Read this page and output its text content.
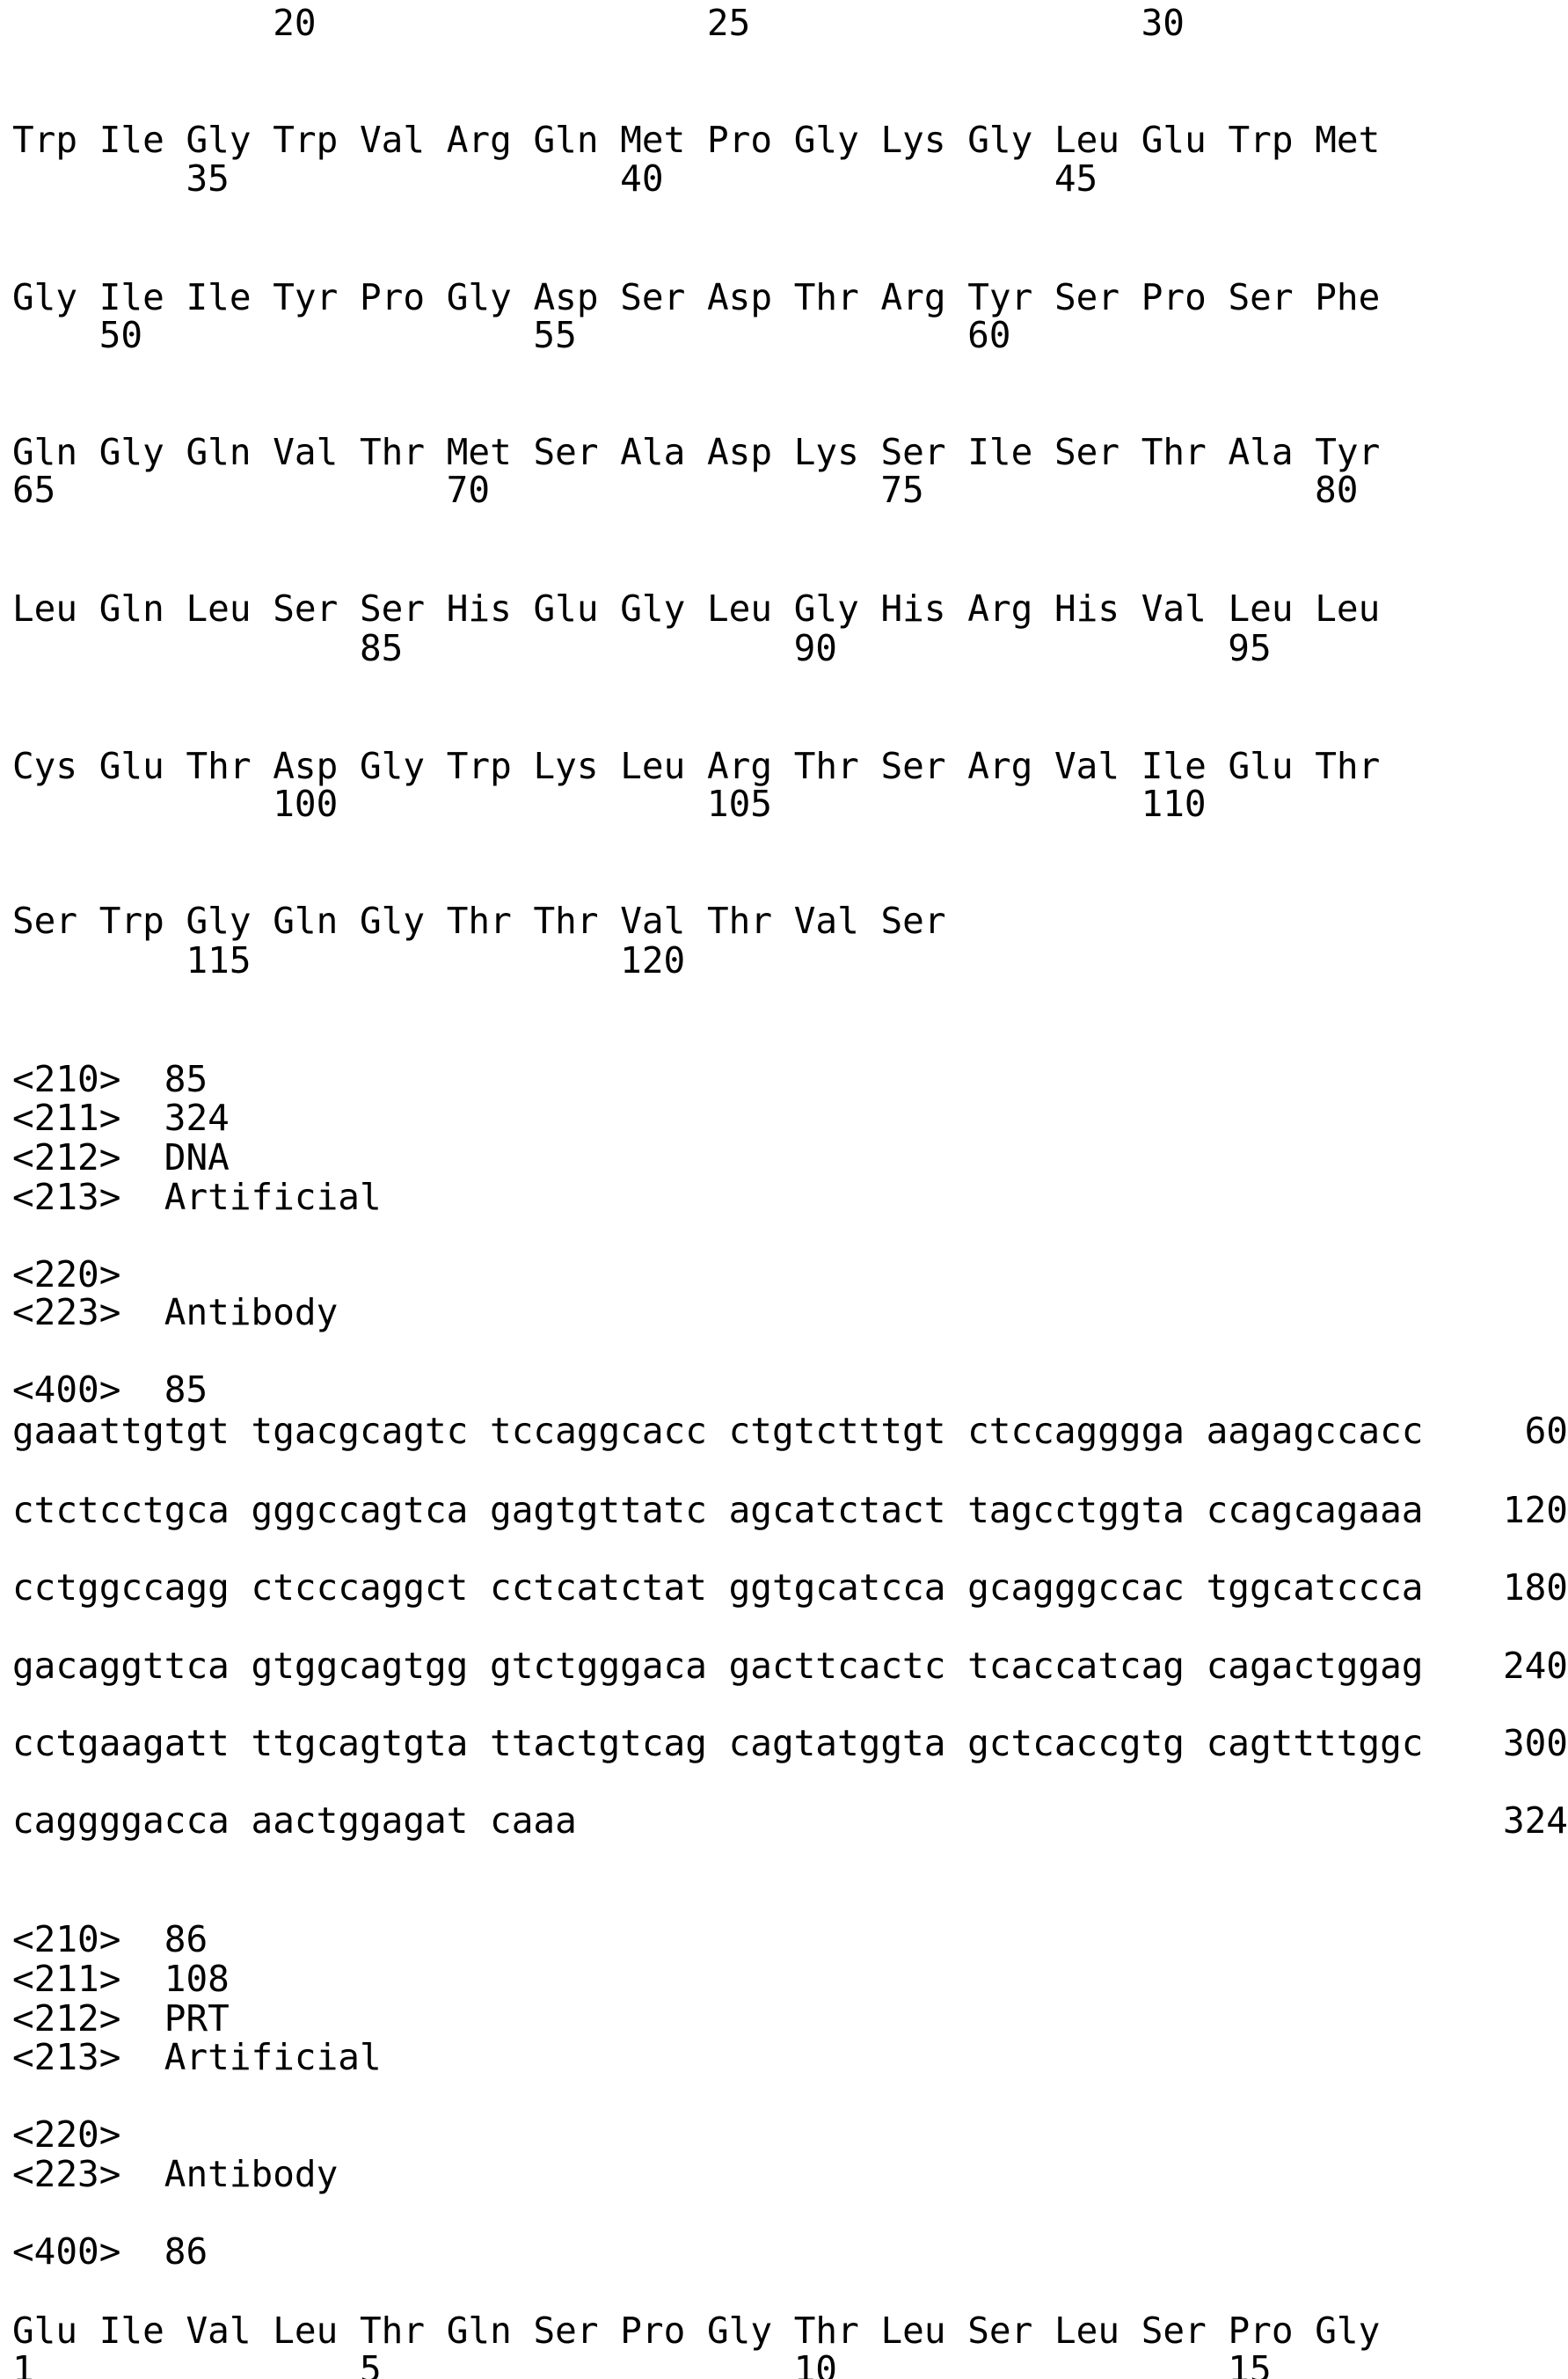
<210> 85
<211> 324
<212> DNA
<213> Artificial
<220>
<223> Antibody
<400> 85
gaaattgtgt tgacgcagtc tccaggcacc ctgtctttgt ctccagggga aagagccacc	60
ctctcctgca gggccagtca gagtgttatc agcatctact tagcctggta ccagcagaaa 120
cctggccagg ctcccaggct cctcatctat ggtgcatcca gcagggccac tggcatccca 180
gacaggttca gtggcagtgg gtctgggaca gacttcactc tcaccatcag cagactggag 240
cctgaagatt ttgcagtgta ttactgtcag cagtatggta gctcaccgtg cagttttggc 300
caggggacca aactggagat caaa	324
<210> 86
<211> 108
<212> PRT
<213> Artificial
<220>
<223> Antibody
<400> 86
20	25	30
Trp Ile Gly Trp Val Arg Gln Met Pro Gly Lys Gly Leu Glu Trp Met
35	40	45
Gly Ile Ile Tyr Pro Gly Asp Ser Asp Thr Arg Tyr Ser Pro Ser Phe
50	55	60
Gln Gly Gln Val Thr Met Ser Ala Asp Lys Ser Ile Ser Thr Ala Tyr
65	70	75	80
Leu Gln Leu Ser Ser His Glu Gly Leu Gly His Arg His Val Leu Leu
85	90	95
Cys Glu Thr Asp Gly Trp Lys Leu Arg Thr Ser Arg Val Ile Glu Thr
100	105	110
Ser Trp Gly Gln Gly Thr Thr Val Thr Val Ser
115	120
Glu Ile Val Leu Thr Gln Ser Pro Gly Thr Leu Ser Leu Ser Pro Gly
1	5	10	15
